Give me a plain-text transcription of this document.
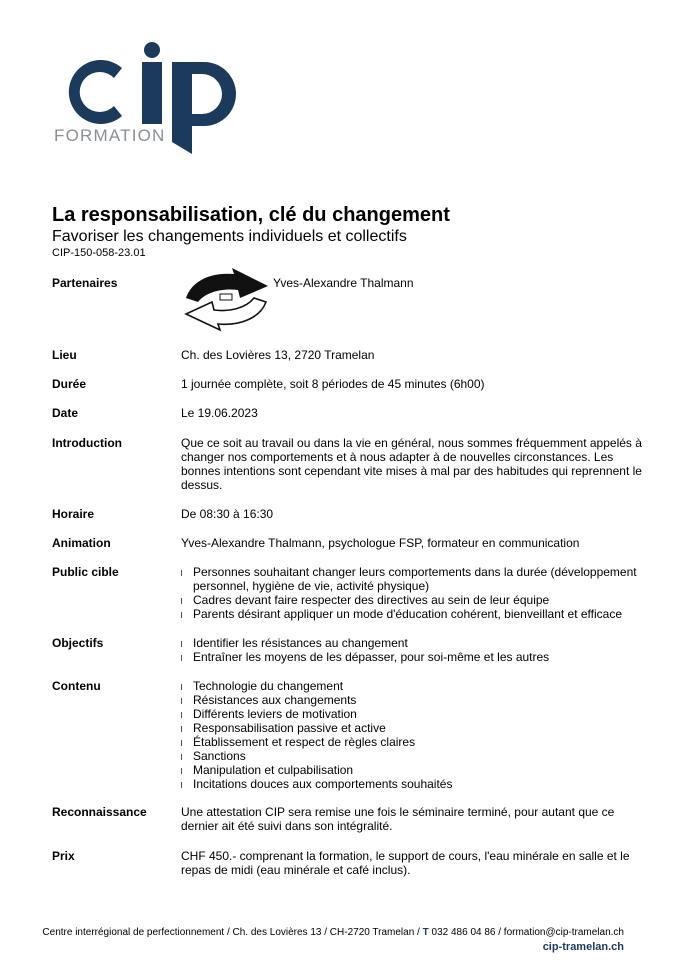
FORMATION
La responsabilisation, clé du changement
Favoriser les changements individuels et collectifs
CIP-150-058-23.01
Partenaires	Yves-Alexandre Thalmann
Lieu	Ch. des Lovières 13, 2720 Tramelan
Durée	1 journée complète, soit 8 périodes de 45 minutes (6h00)
Date	Le 19.06.2023
Introduction	Que ce soit au travail ou dans la vie en général, nous sommes fréquemment appelés à changer nos comportements et à nous adapter à de nouvelles circonstances. Les bonnes intentions sont cependant vite mises à mal par des habitudes qui reprennent le dessus.
Horaire	De 08:30 à 16:30
Animation	Yves-Alexandre Thalmann, psychologue FSP, formateur en communication
Public cible	Personnes souhaitant changer leurs comportements dans la durée (développement personnel, hygiène de vie, activité physique)
Cadres devant faire respecter des directives au sein de leur équipe
Parents désirant appliquer un mode d'éducation cohérent, bienveillant et efficace
Objectifs	Identifier les résistances au changement
Entraîner les moyens de les dépasser, pour soi-même et les autres
Contenu	Technologie du changement
Résistances aux changements
Différents leviers de motivation
Responsabilisation passive et active
Établissement et respect de règles claires
Sanctions
Manipulation et culpabilisation
Incitations douces aux comportements souhaités
Reconnaissance	Une attestation CIP sera remise une fois le séminaire terminé, pour autant que ce dernier ait été suivi dans son intégralité.
Prix	CHF 450.- comprenant la formation, le support de cours, l'eau minérale en salle et le repas de midi (eau minérale et café inclus).
Centre interrégional de perfectionnement / Ch. des Lovières 13 / CH-2720 Tramelan / T 032 486 04 86 / formation@cip-tramelan.ch
cip-tramelan.ch
